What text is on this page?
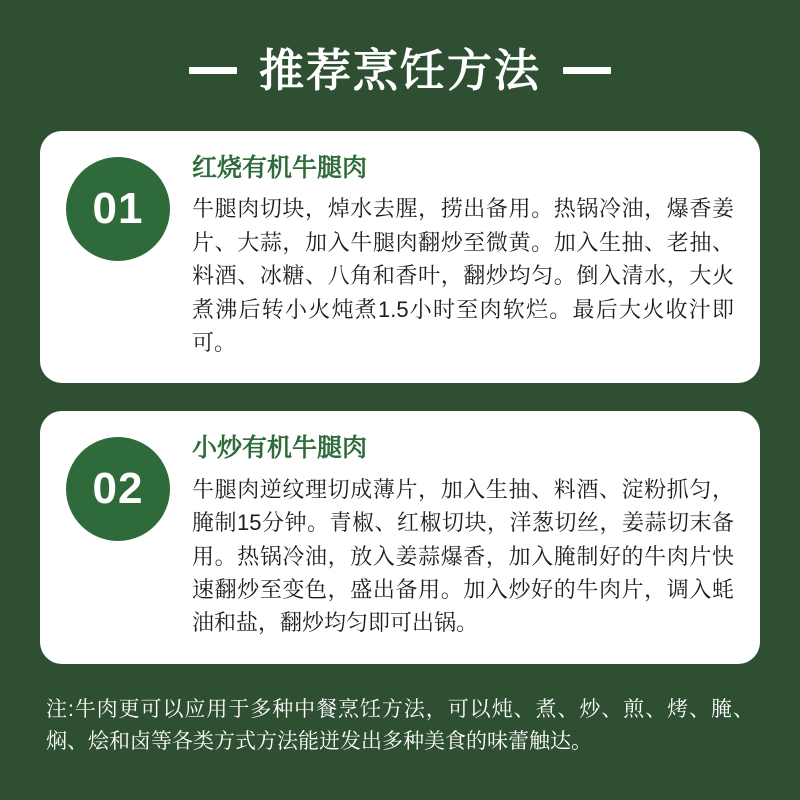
推荐烹饪方法
01
红烧有机牛腿肉
牛腿肉切块，焯水去腥，捞出备用。热锅冷油，爆香姜片、大蒜，加入牛腿肉翻炒至微黄。加入生抽、老抽、料酒、冰糖、八角和香叶，翻炒均匀。倒入清水，大火煮沸后转小火炖煮1.5小时至肉软烂。最后大火收汁即可。
02
小炒有机牛腿肉
牛腿肉逆纹理切成薄片，加入生抽、料酒、淀粉抓匀，腌制15分钟。青椒、红椒切块，洋葱切丝，姜蒜切末备用。热锅冷油，放入姜蒜爆香，加入腌制好的牛肉片快速翻炒至变色，盛出备用。加入炒好的牛肉片，调入蚝油和盐，翻炒均匀即可出锅。
注:牛肉更可以应用于多种中餐烹饪方法，可以炖、煮、炒、煎、烤、腌、焖、烩和卤等各类方式方法能迸发出多种美食的味蕾触达。
